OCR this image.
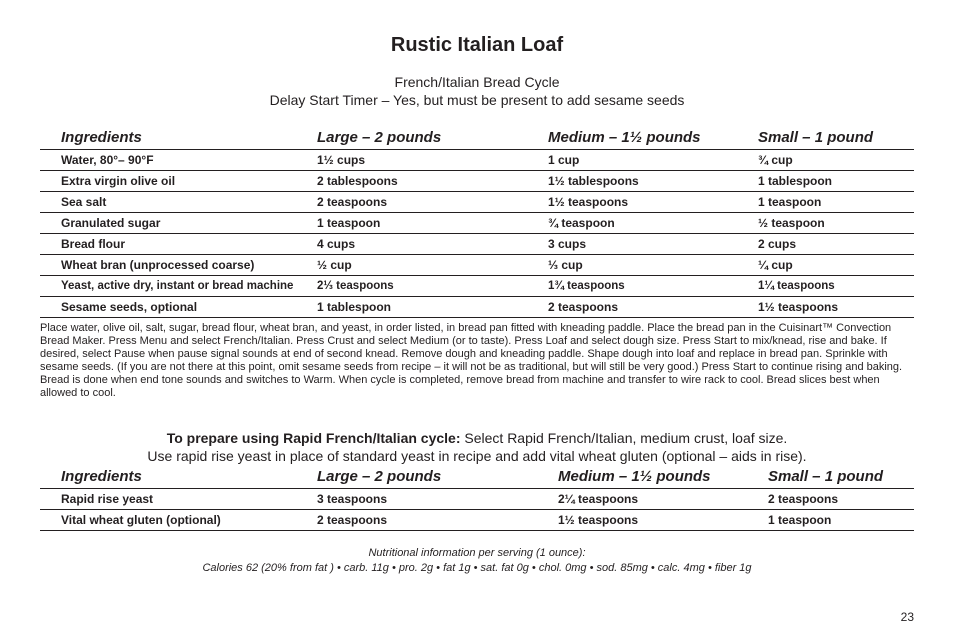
Rustic Italian Loaf
French/Italian Bread Cycle
Delay Start Timer – Yes, but must be present to add sesame seeds
Ingredients	Large – 2 pounds	Medium – 1½ pounds	Small – 1 pound
Water, 80°– 90°F	1½ cups	1 cup	¾ cup
Extra virgin olive oil	2 tablespoons	1½ tablespoons	1 tablespoon
Sea salt	2 teaspoons	1½ teaspoons	1 teaspoon
Granulated sugar	1 teaspoon	¾ teaspoon	½ teaspoon
Bread flour	4 cups	3 cups	2 cups
Wheat bran (unprocessed coarse)	½ cup	⅓ cup	¼ cup
Yeast, active dry, instant or bread machine	2⅓ teaspoons	1¾ teaspoons	1¼ teaspoons
Sesame seeds, optional	1 tablespoon	2 teaspoons	1½ teaspoons
Place water, olive oil, salt, sugar, bread flour, wheat bran, and yeast, in order listed, in bread pan fitted with kneading paddle. Place the bread pan in the Cuisinart™ Convection Bread Maker. Press Menu and select French/Italian. Press Crust and select Medium (or to taste). Press Loaf and select dough size. Press Start to mix/knead, rise and bake. If desired, select Pause when pause signal sounds at end of second knead. Remove dough and kneading paddle. Shape dough into loaf and replace in bread pan. Sprinkle with sesame seeds. (If you are not there at this point, omit sesame seeds from recipe – it will not be as traditional, but will still be very good.) Press Start to continue rising and baking. Bread is done when end tone sounds and switches to Warm. When cycle is completed, remove bread from machine and transfer to wire rack to cool. Bread slices best when allowed to cool.
To prepare using Rapid French/Italian cycle: Select Rapid French/Italian, medium crust, loaf size.
Use rapid rise yeast in place of standard yeast in recipe and add vital wheat gluten (optional – aids in rise).
Ingredients	Large – 2 pounds	Medium – 1½ pounds	Small – 1 pound
Rapid rise yeast	3 teaspoons	2¼ teaspoons	2 teaspoons
Vital wheat gluten (optional)	2 teaspoons	1½ teaspoons	1 teaspoon
Nutritional information per serving (1 ounce):
Calories 62 (20% from fat ) • carb. 11g • pro. 2g • fat 1g • sat. fat 0g • chol. 0mg • sod. 85mg • calc. 4mg • fiber 1g
23
